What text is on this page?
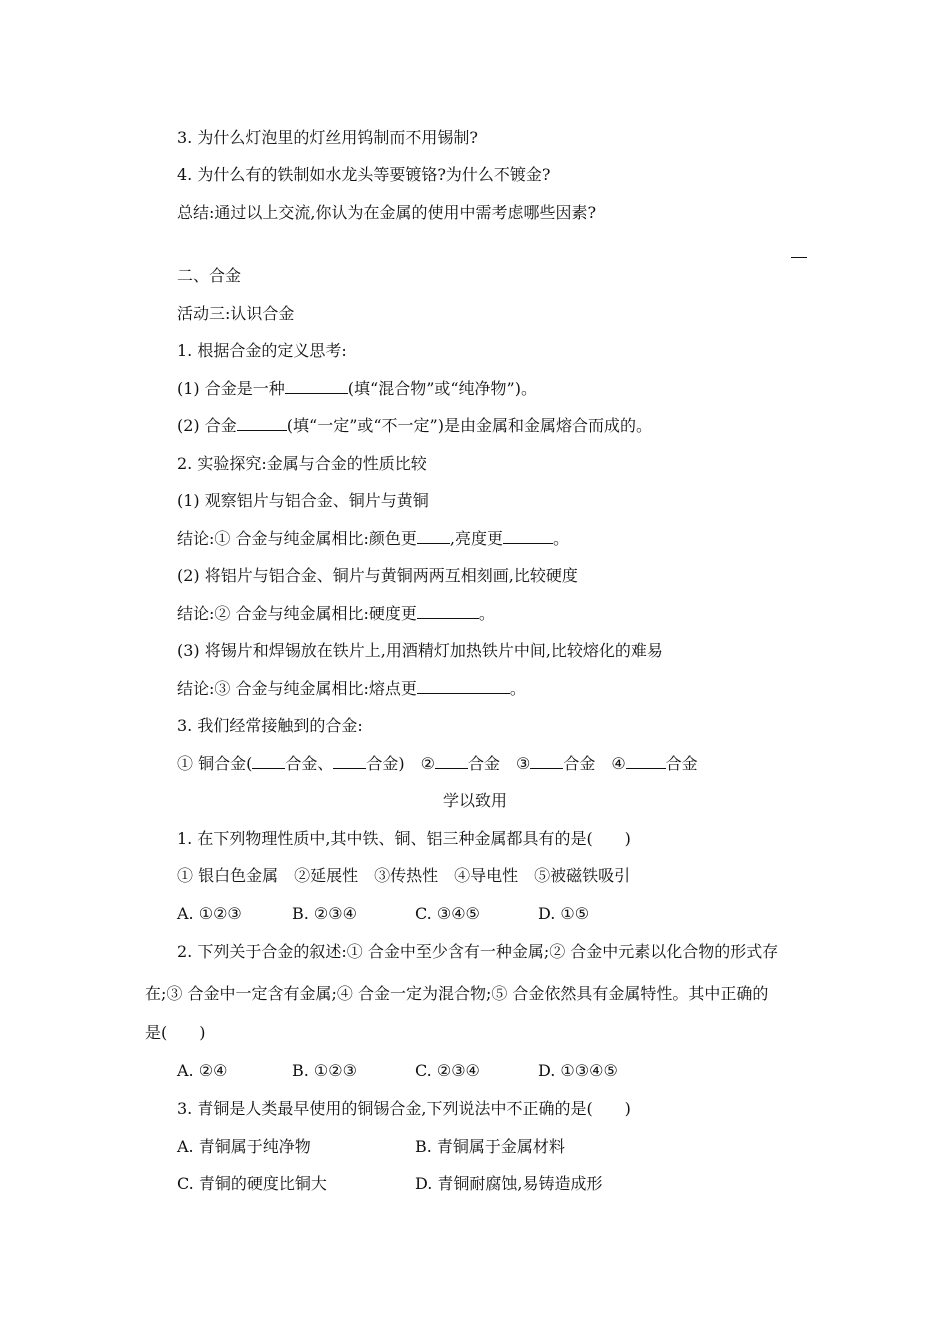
3. 为什么灯泡里的灯丝用钨制而不用锡制?
4. 为什么有的铁制如水龙头等要镀铬?为什么不镀金?
总结:通过以上交流,你认为在金属的使用中需考虑哪些因素?
二、合金
活动三:认识合金
1. 根据合金的定义思考:
(1) 合金是一种	(填“混合物”或“纯净物”)。
(2) 合金	(填“一定”或“不一定”)是由金属和金属熔合而成的。
2. 实验探究:金属与合金的性质比较
(1) 观察铝片与铝合金、铜片与黄铜
结论:① 合金与纯金属相比:颜色更 ,亮度更	。
(2) 将铝片与铝合金、铜片与黄铜两两互相刻画,比较硬度
结论:② 合金与纯金属相比:硬度更	。
(3) 将锡片和焊锡放在铁片上,用酒精灯加热铁片中间,比较熔化的难易
结论:③ 合金与纯金属相比:熔点更	。
3. 我们经常接触到的合金:
① 铜合金( 合金、 合金) ② 合金 ③ 合金 ④	合金
学以致用
1. 在下列物理性质中,其中铁、铜、铝三种金属都具有的是(　　)
① 银白色金属　②延展性　③传热性　④导电性　⑤被磁铁吸引
A. ①②③	B. ②③④	C. ③④⑤	D. ①⑤
2. 下列关于合金的叙述:① 合金中至少含有一种金属;② 合金中元素以化合物的形式存
在;③ 合金中一定含有金属;④ 合金一定为混合物;⑤ 合金依然具有金属特性。其中正确的
是(　　)
A. ②④	B. ①②③	C. ②③④	D. ①③④⑤
3. 青铜是人类最早使用的铜锡合金,下列说法中不正确的是(　　)
A. 青铜属于纯净物	B. 青铜属于金属材料
C. 青铜的硬度比铜大	D. 青铜耐腐蚀,易铸造成形
